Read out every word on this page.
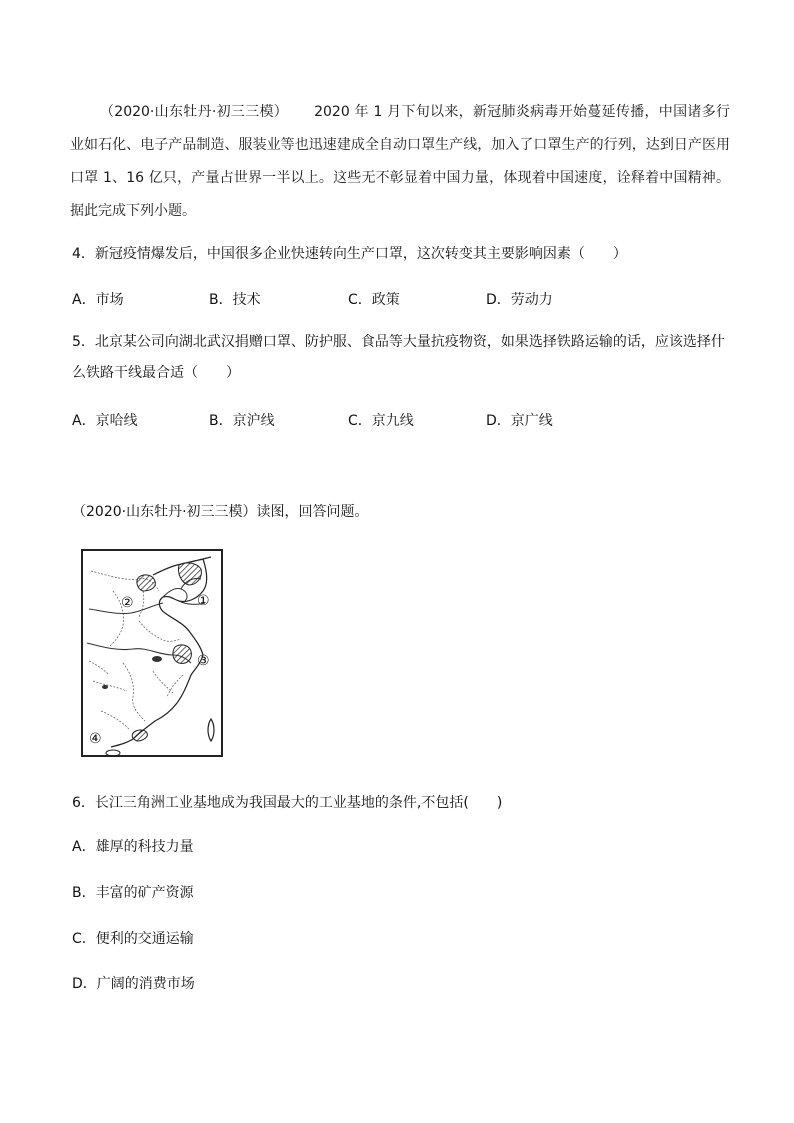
（2020·山东牡丹·初三三模） 2020 年 1 月下旬以来，新冠肺炎病毒开始蔓延传播，中国诸多行业如石化、电子产品制造、服装业等也迅速建成全自动口罩生产线，加入了口罩生产的行列，达到日产医用口罩 1、16 亿只，产量占世界一半以上。这些无不彰显着中国力量，体现着中国速度，诠释着中国精神。据此完成下列小题。
4．新冠疫情爆发后，中国很多企业快速转向生产口罩，这次转变其主要影响因素（　　）
A．市场	B．技术	C．政策	D．劳动力
5．北京某公司向湖北武汉捐赠口罩、防护服、食品等大量抗疫物资，如果选择铁路运输的话，应该选择什么铁路干线最合适（　　）
A．京哈线	B．京沪线	C．京九线	D．京广线
（2020·山东牡丹·初三三模）读图，回答问题。
②	①
③
④
6．长江三角洲工业基地成为我国最大的工业基地的条件,不包括(　　)
A．雄厚的科技力量
B．丰富的矿产资源
C．便利的交通运输
D．广阔的消费市场
